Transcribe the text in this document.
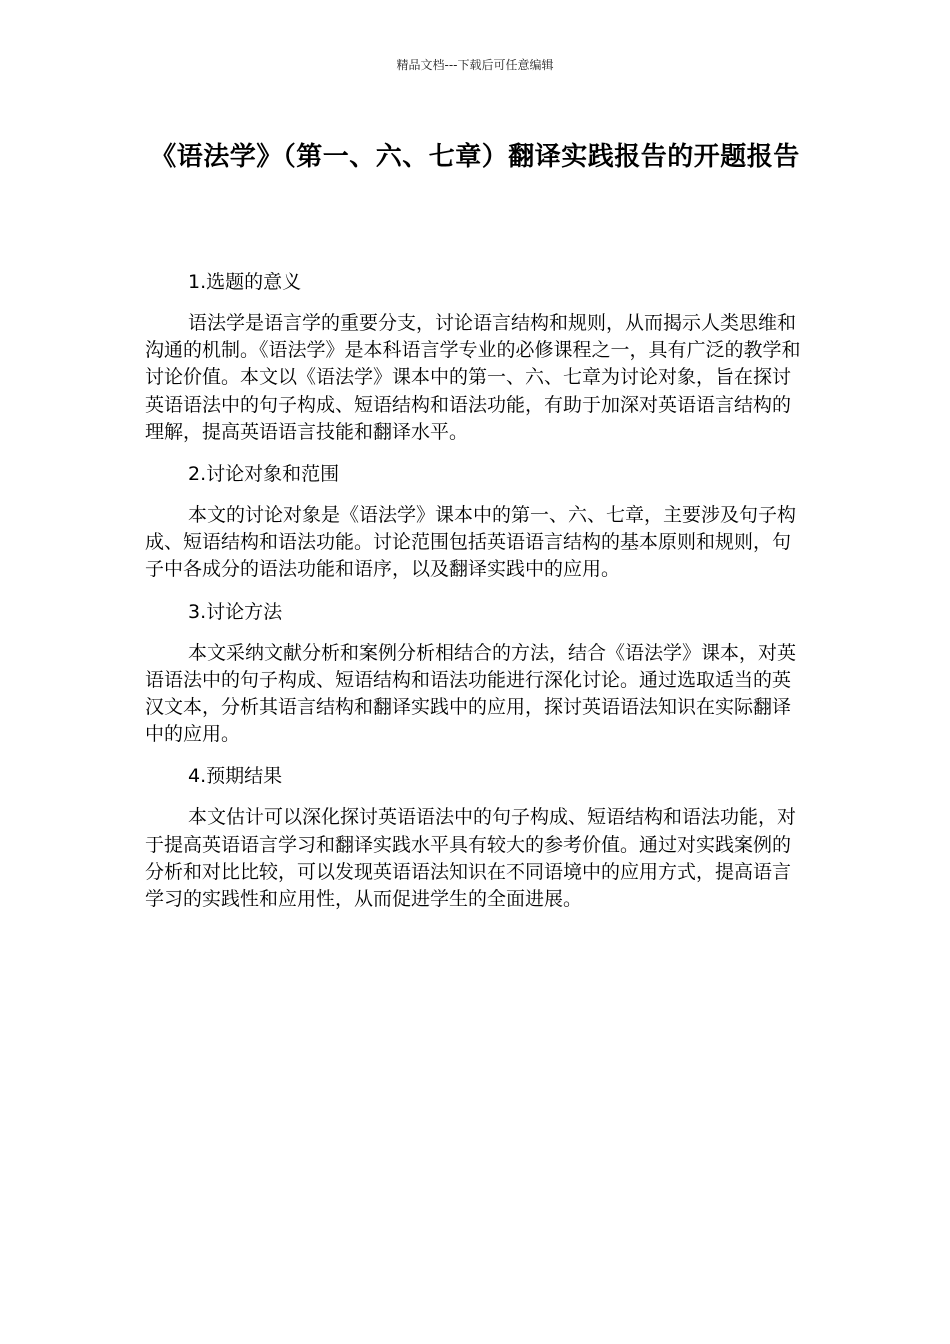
精品文档---下载后可任意编辑
《语法学》（第一、六、七章）翻译实践报告的开题报告
1.选题的意义
语法学是语言学的重要分支，讨论语言结构和规则，从而揭示人类思维和沟通的机制。《语法学》是本科语言学专业的必修课程之一，具有广泛的教学和讨论价值。本文以《语法学》课本中的第一、六、七章为讨论对象，旨在探讨英语语法中的句子构成、短语结构和语法功能，有助于加深对英语语言结构的理解，提高英语语言技能和翻译水平。
2.讨论对象和范围
本文的讨论对象是《语法学》课本中的第一、六、七章，主要涉及句子构成、短语结构和语法功能。讨论范围包括英语语言结构的基本原则和规则，句子中各成分的语法功能和语序，以及翻译实践中的应用。
3.讨论方法
本文采纳文献分析和案例分析相结合的方法，结合《语法学》课本，对英语语法中的句子构成、短语结构和语法功能进行深化讨论。通过选取适当的英汉文本，分析其语言结构和翻译实践中的应用，探讨英语语法知识在实际翻译中的应用。
4.预期结果
本文估计可以深化探讨英语语法中的句子构成、短语结构和语法功能，对于提高英语语言学习和翻译实践水平具有较大的参考价值。通过对实践案例的分析和对比比较，可以发现英语语法知识在不同语境中的应用方式，提高语言学习的实践性和应用性，从而促进学生的全面进展。
